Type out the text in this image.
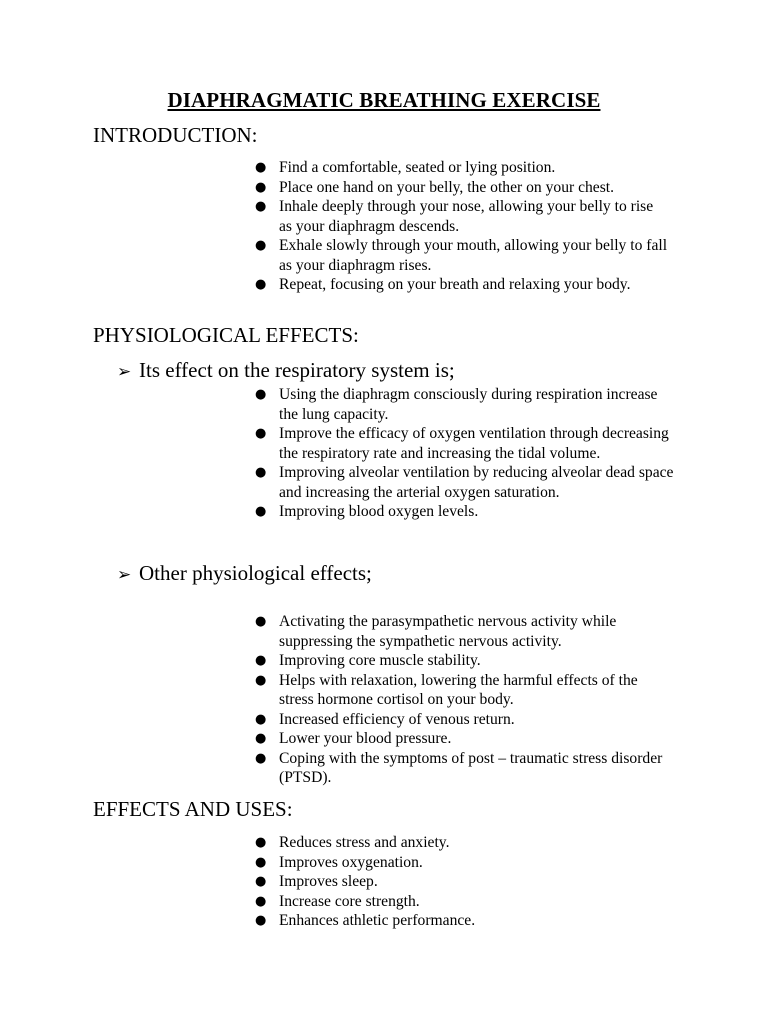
DIAPHRAGMATIC BREATHING EXERCISE
INTRODUCTION:
● Find a comfortable, seated or lying position.
● Place one hand on your belly, the other on your chest.
● Inhale deeply through your nose, allowing your belly to rise   as your diaphragm descends.
● Exhale slowly through your mouth, allowing your belly to fall as your diaphragm rises.
● Repeat, focusing on your breath and relaxing your body.
PHYSIOLOGICAL EFFECTS:
➢ Its effect on the respiratory system is;
● Using the diaphragm consciously during respiration increase the lung capacity.
● Improve the efficacy of oxygen ventilation through decreasing the respiratory rate and increasing the tidal volume.
● Improving alveolar ventilation by reducing alveolar dead space and increasing the arterial oxygen saturation.
● Improving blood oxygen levels.
➢ Other physiological effects;
● Activating the parasympathetic nervous activity while suppressing the sympathetic nervous activity.
● Improving core muscle stability.
● Helps with relaxation, lowering the harmful effects of the stress hormone cortisol on your body.
● Increased efficiency of venous return.
● Lower your blood pressure.
● Coping with the symptoms of post – traumatic stress disorder (PTSD).
EFFECTS AND USES:
● Reduces stress and anxiety.
● Improves oxygenation.
● Improves sleep.
● Increase core strength.
● Enhances athletic performance.
